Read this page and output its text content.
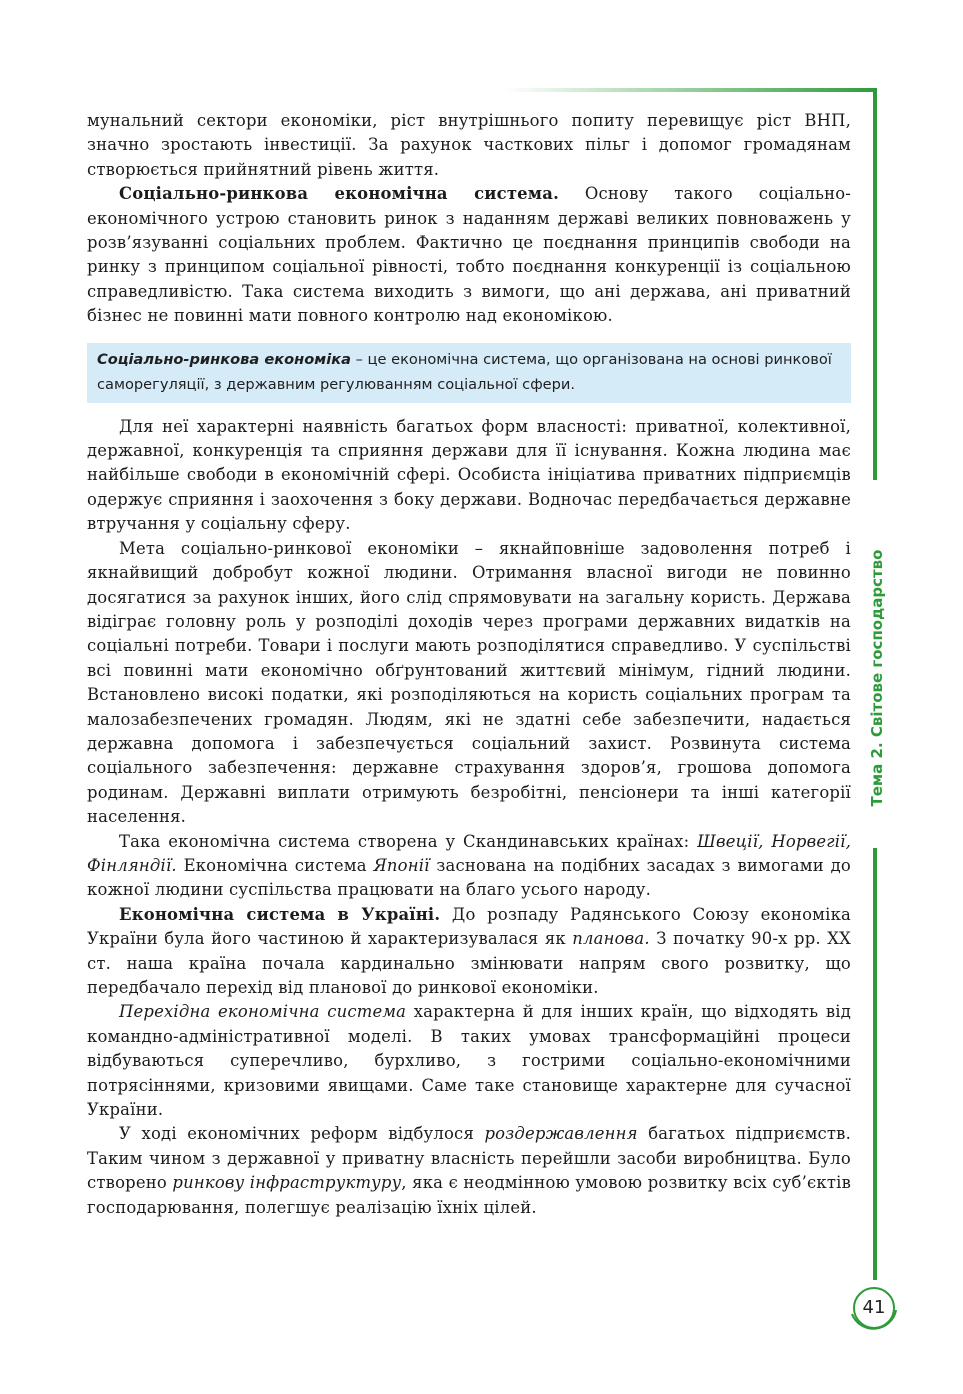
Тема 2. Світове господарство

мунальний сектори економіки, ріст внутрішнього попиту перевищує ріст ВНП, значно зростають інвестиції. За рахунок часткових пільг і допомог громадянам створюється прийнятний рівень життя.

Соціально-ринкова економічна система. Основу такого соціально-економічного устрою становить ринок з наданням державі великих повноважень у розв’язуванні соціальних проблем. Фактично це поєднання принципів свободи на ринку з принципом соціальної рівності, тобто поєднання конкуренції із соціальною справедливістю. Така система виходить з вимоги, що ані держава, ані приватний бізнес не повинні мати повного контролю над економікою.

Соціально-ринкова економіка – це економічна система, що організована на основі ринкової саморегуляції, з державним регулюванням соціальної сфери.

Для неї характерні наявність багатьох форм власності: приватної, колективної, державної, конкуренція та сприяння держави для її існування. Кожна людина має найбільше свободи в економічній сфері. Особиста ініціатива приватних підприємців одержує сприяння і заохочення з боку держави. Водночас передбачається державне втручання у соціальну сферу.

Мета соціально-ринкової економіки – якнайповніше задоволення потреб і якнайвищий добробут кожної людини. Отримання власної вигоди не повинно досягатися за рахунок інших, його слід спрямовувати на загальну користь. Держава відіграє головну роль у розподілі доходів через програми державних видатків на соціальні потреби. Товари і послуги мають розподілятися справедливо. У суспільстві всі повинні мати економічно обґрунтований життєвий мінімум, гідний людини. Встановлено високі податки, які розподіляються на користь соціальних програм та малозабезпечених громадян. Людям, які не здатні себе забезпечити, надається державна допомога і забезпечується соціальний захист. Розвинута система соціального забезпечення: державне страхування здоров’я, грошова допомога родинам. Державні виплати отримують безробітні, пенсіонери та інші категорії населення.

Така економічна система створена у Скандинавських країнах: Швеції, Норвегії, Фінляндії. Економічна система Японії заснована на подібних засадах з вимогами до кожної людини суспільства працювати на благо усього народу.

Економічна система в Україні. До розпаду Радянського Союзу економіка України була його частиною й характеризувалася як планова. З початку 90-х рр. XX ст. наша країна почала кардинально змінювати напрям свого розвитку, що передбачало перехід від планової до ринкової економіки.

Перехідна економічна система характерна й для інших країн, що відходять від командно-адміністративної моделі. В таких умовах трансформаційні процеси відбуваються суперечливо, бурхливо, з гострими соціально-економічними потрясіннями, кризовими явищами. Саме таке становище характерне для сучасної України.

У ході економічних реформ відбулося роздержавлення багатьох підприємств. Таким чином з державної у приватну власність перейшли засоби виробництва. Було створено ринкову інфраструктуру, яка є неодмінною умовою розвитку всіх суб’єктів господарювання, полегшує реалізацію їхніх цілей.

41
